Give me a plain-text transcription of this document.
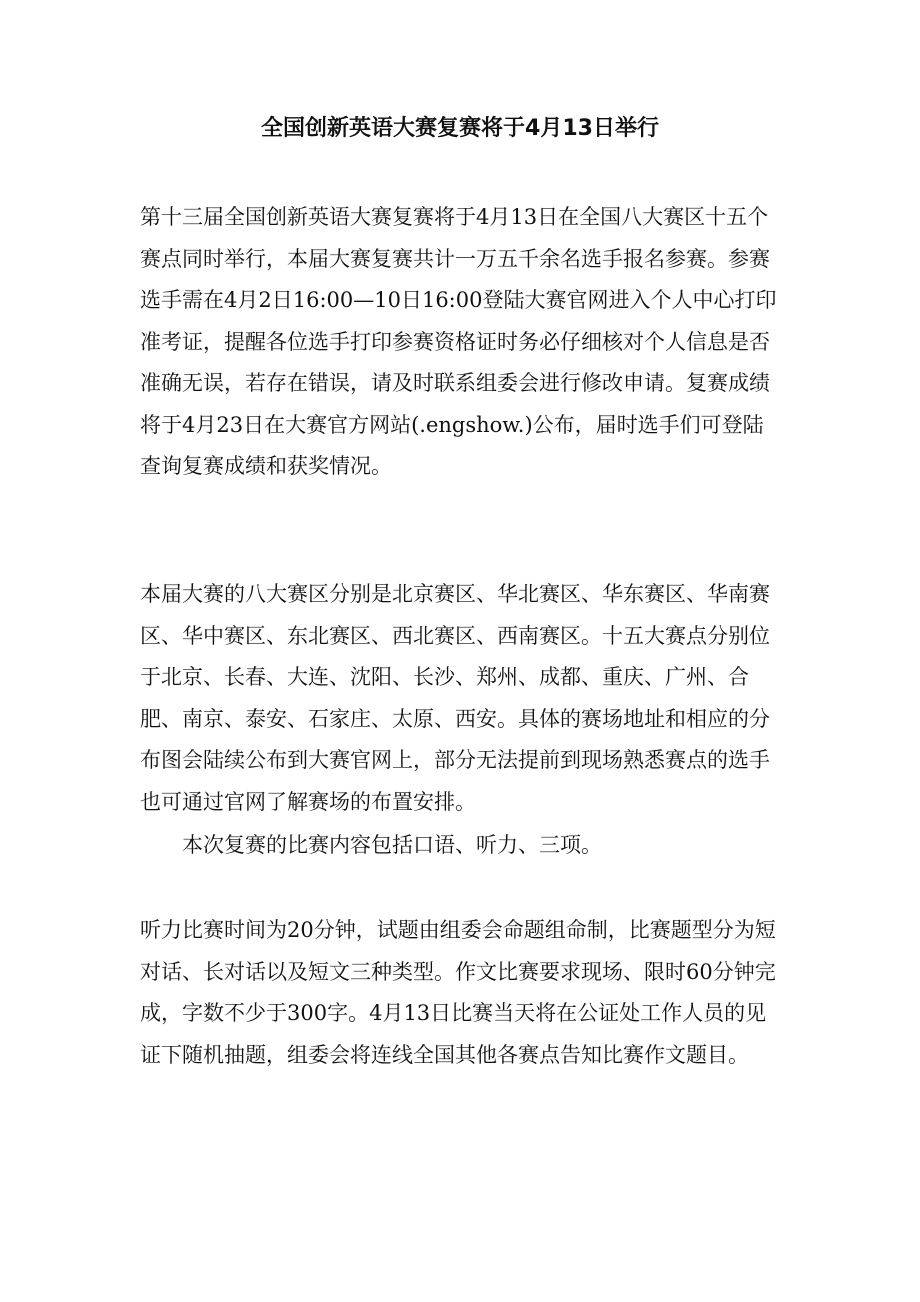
全国创新英语大赛复赛将于4月13日举行

第十三届全国创新英语大赛复赛将于4月13日在全国八大赛区十五个赛点同时举行，本届大赛复赛共计一万五千余名选手报名参赛。参赛选手需在4月2日16:00—10日16:00登陆大赛官网进入个人中心打印准考证，提醒各位选手打印参赛资格证时务必仔细核对个人信息是否准确无误，若存在错误，请及时联系组委会进行修改申请。复赛成绩将于4月23日在大赛官方网站(.engshow.)公布，届时选手们可登陆查询复赛成绩和获奖情况。

本届大赛的八大赛区分别是北京赛区、华北赛区、华东赛区、华南赛区、华中赛区、东北赛区、西北赛区、西南赛区。十五大赛点分别位于北京、长春、大连、沈阳、长沙、郑州、成都、重庆、广州、合肥、南京、泰安、石家庄、太原、西安。具体的赛场地址和相应的分布图会陆续公布到大赛官网上，部分无法提前到现场熟悉赛点的选手也可通过官网了解赛场的布置安排。

本次复赛的比赛内容包括口语、听力、三项。

听力比赛时间为20分钟，试题由组委会命题组命制，比赛题型分为短对话、长对话以及短文三种类型。作文比赛要求现场、限时60分钟完成，字数不少于300字。4月13日比赛当天将在公证处工作人员的见证下随机抽题，组委会将连线全国其他各赛点告知比赛作文题目。
